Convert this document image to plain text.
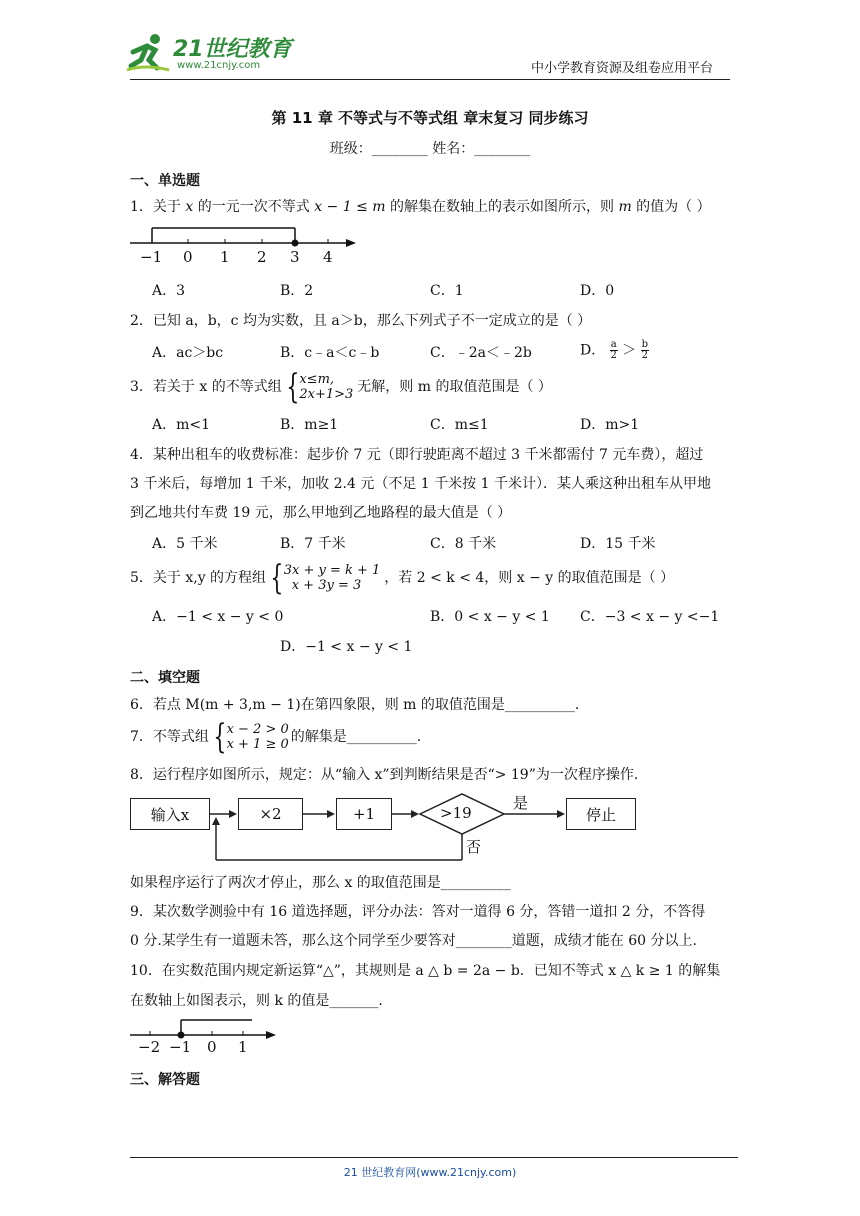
21世纪教育
www.21cnjy.com	中小学教育资源及组卷应用平台
第 11 章 不等式与不等式组 章末复习 同步练习
班级：________ 姓名：________
一、单选题
1．关于 x 的一元一次不等式 x − 1 ≤ m 的解集在数轴上的表示如图所示，则 m 的值为（ ）
−1 0 1 2 3 4
A．3	B．2	C．1	D．0
2．已知 a，b，c 均为实数，且 a＞b，那么下列式子不一定成立的是（ ）
A．ac＞bc	B．c﹣a＜c﹣b	C．﹣2a＜﹣2b	D． $\frac{a}{2} > \frac{b}{2}$
3．若关于 x 的不等式组 { x≤m,
2x+1>3 无解，则 m 的取值范围是（ ）
A．m<1	B．m≥1	C．m≤1	D．m>1
4．某种出租车的收费标准：起步价 7 元（即行驶距离不超过 3 千米都需付 7 元车费），超过
3 千米后，每增加 1 千米，加收 2.4 元（不足 1 千米按 1 千米计）．某人乘这种出租车从甲地
到乙地共付车费 19 元，那么甲地到乙地路程的最大值是（ ）
A．5 千米	B．7 千米	C．8 千米	D．15 千米
5．关于 x,y 的方程组 { 3x + y = k + 1
x + 3y = 3	，若 2 < k < 4，则 x − y 的取值范围是（ ）
A．−1 < x − y < 0	B．0 < x − y < 1 C．−3 < x − y <−1
D．−1 < x − y < 1
二、填空题
6．若点 M(m + 3,m − 1)在第四象限，则 m 的取值范围是__________.
7．不等式组 { x − 2 > 0
x + 1 ≥ 0 的解集是__________.
8．运行程序如图所示，规定：从“输入 x”到判断结果是否“> 19”为一次程序操作.
输入x	×2	+1	>19
是
否
停止
如果程序运行了两次才停止，那么 x 的取值范围是__________
9．某次数学测验中有 16 道选择题，评分办法：答对一道得 6 分，答错一道扣 2 分，不答得
0 分.某学生有一道题未答，那么这个同学至少要答对________道题，成绩才能在 60 分以上.
10．在实数范围内规定新运算“△”，其规则是 a △ b = 2a − b．已知不等式 x △ k ≥ 1 的解集
在数轴上如图表示，则 k 的值是_______.
−2 −1 0 1
三、解答题
21 世纪教育网(www.21cnjy.com)
